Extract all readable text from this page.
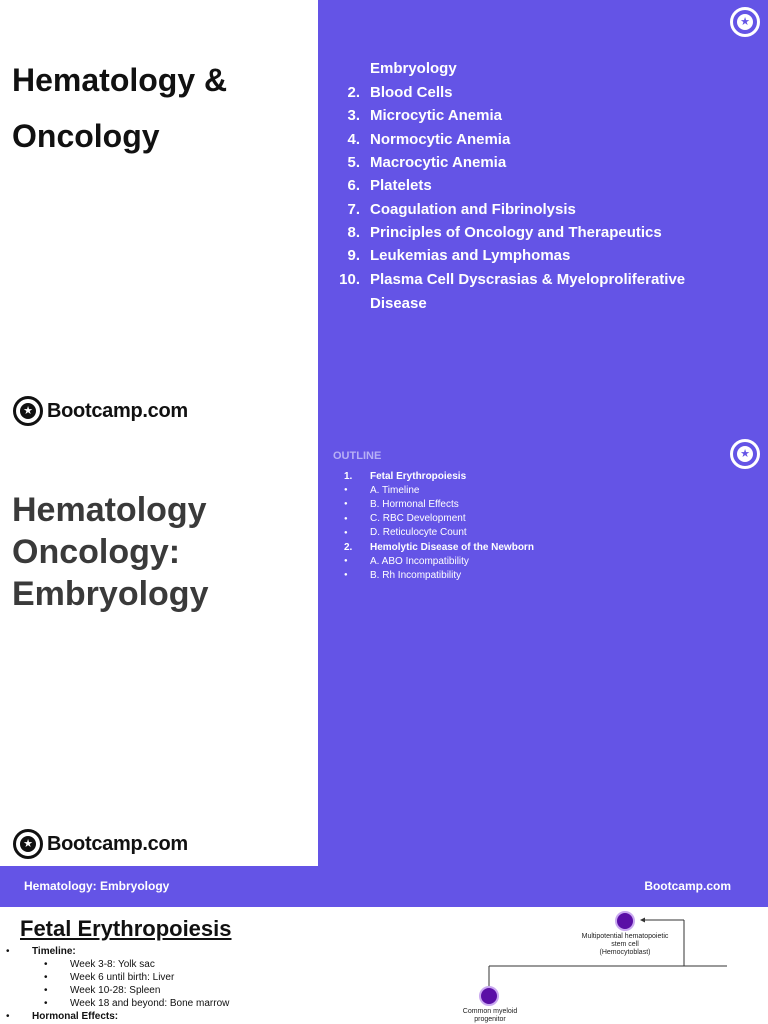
Hematology &
Oncology
★ Bootcamp.com
★
Embryology
2. Blood Cells
3. Microcytic Anemia
4. Normocytic Anemia
5. Macrocytic Anemia
6. Platelets
7. Coagulation and Fibrinolysis
8. Principles of Oncology and Therapeutics
9. Leukemias and Lymphomas
10. Plasma Cell Dyscrasias & Myeloproliferative
Disease
Hematology
Oncology:
Embryology
★ Bootcamp.com
★
OUTLINE
1.	Fetal Erythropoiesis
●	A. Timeline
●	B. Hormonal Effects
●	C. RBC Development
●	D. Reticulocyte Count
2.	Hemolytic Disease of the Newborn
●	A. ABO Incompatibility
●	B. Rh Incompatibility
Hematology: Embryology	Bootcamp.com
Fetal Erythropoiesis
•	Timeline:
•	Week 3-8: Yolk sac
•	Week 6 until birth: Liver
•	Week 10-28: Spleen
•	Week 18 and beyond: Bone marrow
•	Hormonal Effects:
Multipotential hematopoietic
stem cell
(Hemocytoblast)
Common myeloid
progenitor
